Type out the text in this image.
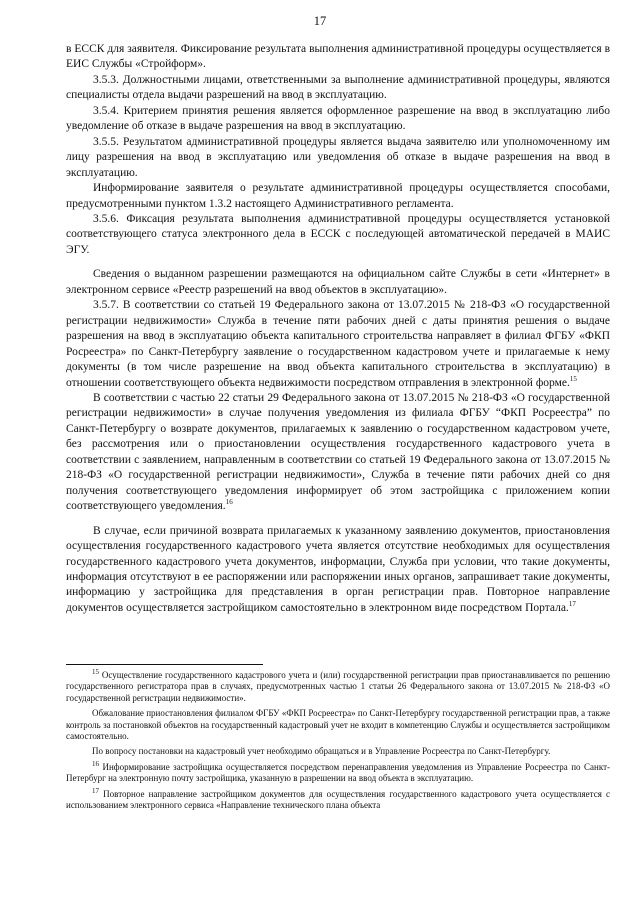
17

в ЕССК для заявителя. Фиксирование результата выполнения административной процедуры осуществляется в ЕИС Службы «Стройформ».

3.5.3. Должностными лицами, ответственными за выполнение административной процедуры, являются специалисты отдела выдачи разрешений на ввод в эксплуатацию.

3.5.4. Критерием принятия решения является оформленное разрешение на ввод в эксплуатацию либо уведомление об отказе в выдаче разрешения на ввод в эксплуатацию.

3.5.5. Результатом административной процедуры является выдача заявителю или уполномоченному им лицу разрешения на ввод в эксплуатацию или уведомления об отказе в выдаче разрешения на ввод в эксплуатацию.

Информирование заявителя о результате административной процедуры осуществляется способами, предусмотренными пунктом 1.3.2 настоящего Административного регламента.

3.5.6. Фиксация результата выполнения административной процедуры осуществляется установкой соответствующего статуса электронного дела в ЕССК с последующей автоматической передачей в МАИС ЭГУ.

Сведения о выданном разрешении размещаются на официальном сайте Службы в сети «Интернет» в электронном сервисе «Реестр разрешений на ввод объектов в эксплуатацию».

3.5.7. В соответствии со статьей 19 Федерального закона от 13.07.2015 № 218-ФЗ «О государственной регистрации недвижимости» Служба в течение пяти рабочих дней с даты принятия решения о выдаче разрешения на ввод в эксплуатацию объекта капитального строительства направляет в филиал ФГБУ «ФКП Росреестра» по Санкт-Петербургу заявление о государственном кадастровом учете и прилагаемые к нему документы (в том числе разрешение на ввод объекта капитального строительства в эксплуатацию) в отношении соответствующего объекта недвижимости посредством отправления в электронной форме.$^{15}$

В соответствии с частью 22 статьи 29 Федерального закона от 13.07.2015 № 218-ФЗ «О государственной регистрации недвижимости» в случае получения уведомления из филиала ФГБУ “ФКП Росреестра” по Санкт-Петербургу о возврате документов, прилагаемых к заявлению о государственном кадастровом учете, без рассмотрения или о приостановлении осуществления государственного кадастрового учета в соответствии с заявлением, направленным в соответствии со статьей 19 Федерального закона от 13.07.2015 № 218-ФЗ «О государственной регистрации недвижимости», Служба в течение пяти рабочих дней со дня получения соответствующего уведомления информирует об этом застройщика с приложением копии соответствующего уведомления.$^{16}$

В случае, если причиной возврата прилагаемых к указанному заявлению документов, приостановления осуществления государственного кадастрового учета является отсутствие необходимых для осуществления государственного кадастрового учета документов, информации, Служба при условии, что такие документы, информация отсутствуют в ее распоряжении или распоряжении иных органов, запрашивает такие документы, информацию у застройщика для представления в орган регистрации прав. Повторное направление документов осуществляется застройщиком самостоятельно в электронном виде посредством Портала.$^{17}$

$^{15}$ Осуществление государственного кадастрового учета и (или) государственной регистрации прав приостанавливается по решению государственного регистратора прав в случаях, предусмотренных частью 1 статьи 26 Федерального закона от 13.07.2015 № 218-ФЗ «О государственной регистрации недвижимости».

Обжалование приостановления филиалом ФГБУ «ФКП Росреестра» по Санкт-Петербургу государственной регистрации прав, а также контроль за постановкой объектов на государственный кадастровый учет не входит в компетенцию Службы и осуществляется застройщиком самостоятельно.

По вопросу постановки на кадастровый учет необходимо обращаться и в Управление Росреестра по Санкт-Петербургу.

$^{16}$ Информирование застройщика осуществляется посредством перенаправления уведомления из Управление Росреестра по Санкт-Петербург на электронную почту застройщика, указанную в разрешении на ввод объекта в эксплуатацию.

$^{17}$ Повторное направление застройщиком документов для осуществления государственного кадастрового учета осуществляется с использованием электронного сервиса «Направление технического плана объекта
